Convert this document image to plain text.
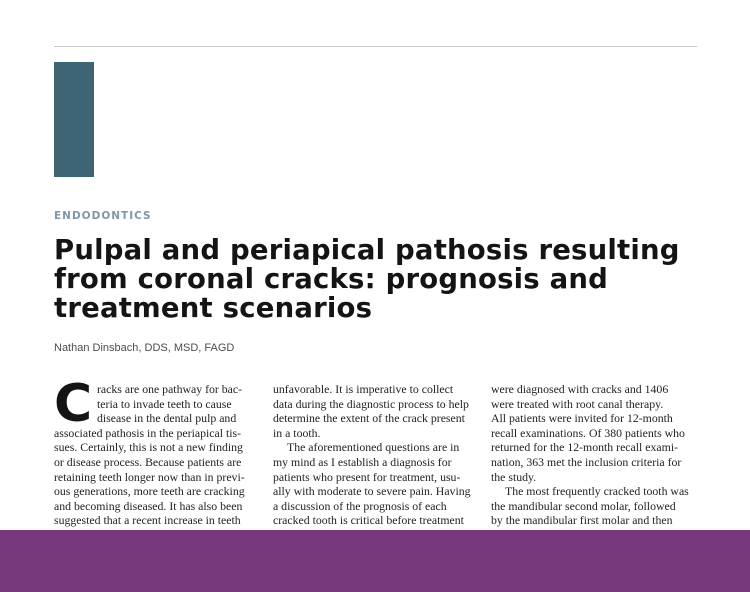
ENDODONTICS
Pulpal and periapical pathosis resulting
from coronal cracks: prognosis and
treatment scenarios
Nathan Dinsbach, DDS, MSD, FAGD
C racks are one pathway for bac-
teria to invade teeth to cause
disease in the dental pulp and
associated pathosis in the periapical tis-
sues. Certainly, this is not a new finding
or disease process. Because patients are
retaining teeth longer now than in previ-
ous generations, more teeth are cracking
and becoming diseased. It has also been
suggested that a recent increase in teeth
unfavorable. It is imperative to collect
data during the diagnostic process to help
determine the extent of the crack present
in a tooth.
The aforementioned questions are in
my mind as I establish a diagnosis for
patients who present for treatment, usu-
ally with moderate to severe pain. Having
a discussion of the prognosis of each
cracked tooth is critical before treatment
were diagnosed with cracks and 1406
were treated with root canal therapy.
All patients were invited for 12-month
recall examinations. Of 380 patients who
returned for the 12-month recall exami-
nation, 363 met the inclusion criteria for
the study.
The most frequently cracked tooth was
the mandibular second molar, followed
by the mandibular first molar and then
